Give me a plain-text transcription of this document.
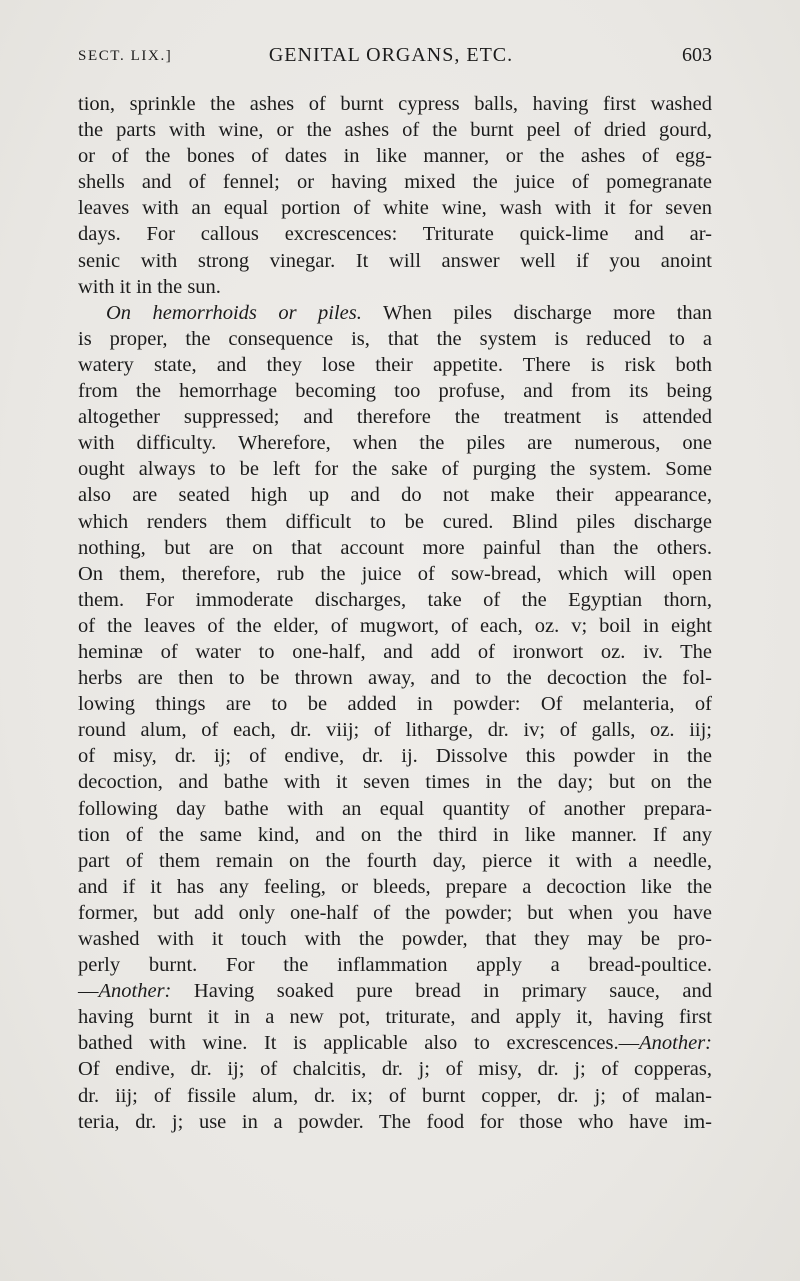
SECT. LIX.]	GENITAL ORGANS, ETC.	603
tion, sprinkle the ashes of burnt cypress balls, having first washed
the parts with wine, or the ashes of the burnt peel of dried gourd,
or of the bones of dates in like manner, or the ashes of egg-
shells and of fennel; or having mixed the juice of pomegranate
leaves with an equal portion of white wine, wash with it for seven
days. For callous excrescences: Triturate quick-lime and ar-
senic with strong vinegar. It will answer well if you anoint
with it in the sun.
On hemorrhoids or piles. When piles discharge more than
is proper, the consequence is, that the system is reduced to a
watery state, and they lose their appetite. There is risk both
from the hemorrhage becoming too profuse, and from its being
altogether suppressed; and therefore the treatment is attended
with difficulty. Wherefore, when the piles are numerous, one
ought always to be left for the sake of purging the system. Some
also are seated high up and do not make their appearance,
which renders them difficult to be cured. Blind piles discharge
nothing, but are on that account more painful than the others.
On them, therefore, rub the juice of sow-bread, which will open
them. For immoderate discharges, take of the Egyptian thorn,
of the leaves of the elder, of mugwort, of each, oz. v; boil in eight
heminæ of water to one-half, and add of ironwort oz. iv. The
herbs are then to be thrown away, and to the decoction the fol-
lowing things are to be added in powder: Of melanteria, of
round alum, of each, dr. viij; of litharge, dr. iv; of galls, oz. iij;
of misy, dr. ij; of endive, dr. ij. Dissolve this powder in the
decoction, and bathe with it seven times in the day; but on the
following day bathe with an equal quantity of another prepara-
tion of the same kind, and on the third in like manner. If any
part of them remain on the fourth day, pierce it with a needle,
and if it has any feeling, or bleeds, prepare a decoction like the
former, but add only one-half of the powder; but when you have
washed with it touch with the powder, that they may be pro-
perly burnt. For the inflammation apply a bread-poultice.
—Another: Having soaked pure bread in primary sauce, and
having burnt it in a new pot, triturate, and apply it, having first
bathed with wine. It is applicable also to excrescences.—Another:
Of endive, dr. ij; of chalcitis, dr. j; of misy, dr. j; of copperas,
dr. iij; of fissile alum, dr. ix; of burnt copper, dr. j; of malan-
teria, dr. j; use in a powder. The food for those who have im-
